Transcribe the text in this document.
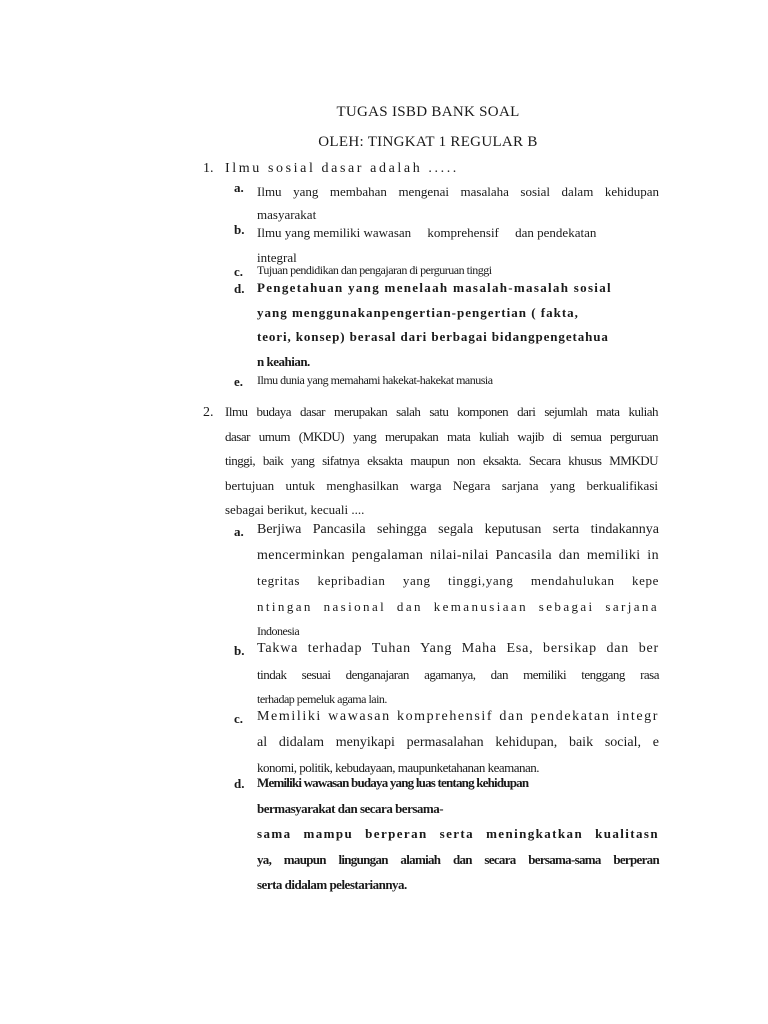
TUGAS ISBD BANK SOAL
OLEH: TINGKAT 1 REGULAR B
1. Ilmu sosial dasar adalah .....
a. Ilmu yang membahan mengenai masalaha sosial dalam kehidupan
masyarakat
b. Ilmu yang memiliki wawasan     komprehensif     dan pendekatan
integral
c. Tujuan pendidikan dan pengajaran di perguruan tinggi
d. Pengetahuan yang menelaah masalah-masalah sosial
yang menggunakanpengertian-pengertian ( fakta,
teori, konsep) berasal dari berbagai bidangpengetahua
n keahian.
e. Ilmu dunia yang memahami hakekat-hakekat manusia
2. Ilmu budaya dasar merupakan salah satu komponen dari sejumlah mata kuliah
dasar umum (MKDU) yang merupakan mata kuliah wajib di semua perguruan
tinggi, baik yang sifatnya eksakta maupun non eksakta. Secara khusus MMKDU
bertujuan untuk menghasilkan warga Negara sarjana yang berkualifikasi
sebagai berikut, kecuali ....
a. Berjiwa Pancasila sehingga segala keputusan serta tindakannya
mencerminkan pengalaman nilai-nilai Pancasila dan memiliki in
tegritas kepribadian yang tinggi,yang mendahulukan kepe
ntingan nasional dan kemanusiaan sebagai sarjana
Indonesia
b. Takwa terhadap Tuhan Yang Maha Esa, bersikap dan ber
tindak sesuai denganajaran agamanya, dan memiliki tenggang rasa
terhadap pemeluk agama lain.
c. Memiliki wawasan komprehensif dan pendekatan integr
al didalam menyikapi permasalahan kehidupan, baik social, e
konomi, politik, kebudayaan, maupunketahanan keamanan.
d. Memiliki wawasan budaya yang luas tentang kehidupan
bermasyarakat dan secara bersama-
sama mampu berperan serta meningkatkan kualitasn
ya, maupun lingungan alamiah dan secara bersama-sama berperan
serta didalam pelestariannya.
